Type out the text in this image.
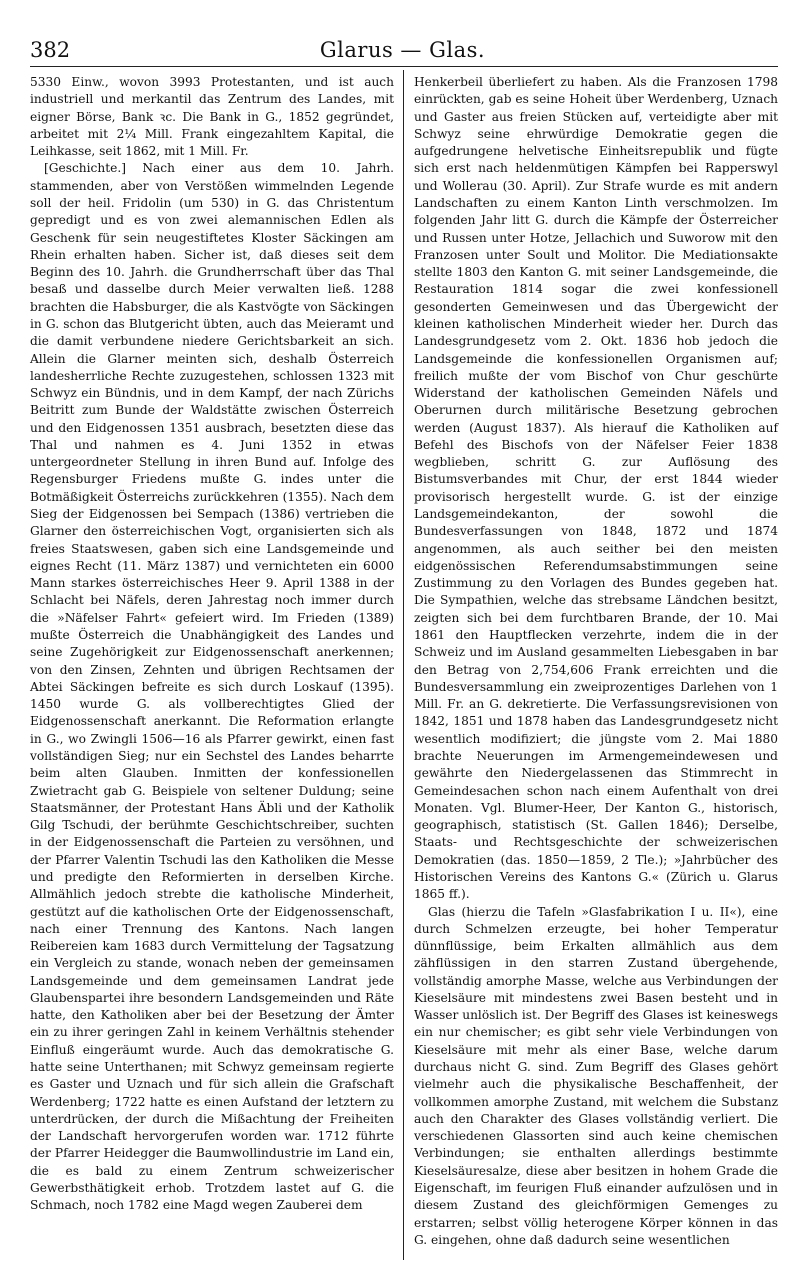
382	Glarus — Glas.

5330 Einw., wovon 3993 Protestanten, und ist auch industriell und merkantil das Zentrum des Landes, mit eigner Börse, Bank ꝛc. Die Bank in G., 1852 gegründet, arbeitet mit 2¼ Mill. Frank eingezahltem Kapital, die Leihkasse, seit 1862, mit 1 Mill. Fr.

[Geschichte.] Nach einer aus dem 10. Jahrh. stammenden, aber von Verstößen wimmelnden Legende soll der heil. Fridolin (um 530) in G. das Christentum gepredigt und es von zwei alemannischen Edlen als Geschenk für sein neugestiftetes Kloster Säckingen am Rhein erhalten haben. Sicher ist, daß dieses seit dem Beginn des 10. Jahrh. die Grundherrschaft über das Thal besaß und dasselbe durch Meier verwalten ließ. 1288 brachten die Habsburger, die als Kastvögte von Säckingen in G. schon das Blutgericht übten, auch das Meieramt und die damit verbundene niedere Gerichtsbarkeit an sich. Allein die Glarner meinten sich, deshalb Österreich landesherrliche Rechte zuzugestehen, schlossen 1323 mit Schwyz ein Bündnis, und in dem Kampf, der nach Zürichs Beitritt zum Bunde der Waldstätte zwischen Österreich und den Eidgenossen 1351 ausbrach, besetzten diese das Thal und nahmen es 4. Juni 1352 in etwas untergeordneter Stellung in ihren Bund auf. Infolge des Regensburger Friedens mußte G. indes unter die Botmäßigkeit Österreichs zurückkehren (1355). Nach dem Sieg der Eidgenossen bei Sempach (1386) vertrieben die Glarner den österreichischen Vogt, organisierten sich als freies Staatswesen, gaben sich eine Landsgemeinde und eignes Recht (11. März 1387) und vernichteten ein 6000 Mann starkes österreichisches Heer 9. April 1388 in der Schlacht bei Näfels, deren Jahrestag noch immer durch die »Näfelser Fahrt« gefeiert wird. Im Frieden (1389) mußte Österreich die Unabhängigkeit des Landes und seine Zugehörigkeit zur Eidgenossenschaft anerkennen; von den Zinsen, Zehnten und übrigen Rechtsamen der Abtei Säckingen befreite es sich durch Loskauf (1395). 1450 wurde G. als vollberechtigtes Glied der Eidgenossenschaft anerkannt. Die Reformation erlangte in G., wo Zwingli 1506—16 als Pfarrer gewirkt, einen fast vollständigen Sieg; nur ein Sechstel des Landes beharrte beim alten Glauben. Inmitten der konfessionellen Zwietracht gab G. Beispiele von seltener Duldung; seine Staatsmänner, der Protestant Hans Äbli und der Katholik Gilg Tschudi, der berühmte Geschichtschreiber, suchten in der Eidgenossenschaft die Parteien zu versöhnen, und der Pfarrer Valentin Tschudi las den Katholiken die Messe und predigte den Reformierten in derselben Kirche. Allmählich jedoch strebte die katholische Minderheit, gestützt auf die katholischen Orte der Eidgenossenschaft, nach einer Trennung des Kantons. Nach langen Reibereien kam 1683 durch Vermittelung der Tagsatzung ein Vergleich zu stande, wonach neben der gemeinsamen Landsgemeinde und dem gemeinsamen Landrat jede Glaubenspartei ihre besondern Landsgemeinden und Räte hatte, den Katholiken aber bei der Besetzung der Ämter ein zu ihrer geringen Zahl in keinem Verhältnis stehender Einfluß eingeräumt wurde. Auch das demokratische G. hatte seine Unterthanen; mit Schwyz gemeinsam regierte es Gaster und Uznach und für sich allein die Grafschaft Werdenberg; 1722 hatte es einen Aufstand der letztern zu unterdrücken, der durch die Mißachtung der Freiheiten der Landschaft hervorgerufen worden war. 1712 führte der Pfarrer Heidegger die Baumwollindustrie im Land ein, die es bald zu einem Zentrum schweizerischer Gewerbsthätigkeit erhob. Trotzdem lastet auf G. die Schmach, noch 1782 eine Magd wegen Zauberei dem

Henkerbeil überliefert zu haben. Als die Franzosen 1798 einrückten, gab es seine Hoheit über Werdenberg, Uznach und Gaster aus freien Stücken auf, verteidigte aber mit Schwyz seine ehrwürdige Demokratie gegen die aufgedrungene helvetische Einheitsrepublik und fügte sich erst nach heldenmütigen Kämpfen bei Rapperswyl und Wollerau (30. April). Zur Strafe wurde es mit andern Landschaften zu einem Kanton Linth verschmolzen. Im folgenden Jahr litt G. durch die Kämpfe der Österreicher und Russen unter Hotze, Jellachich und Suworow mit den Franzosen unter Soult und Molitor. Die Mediationsakte stellte 1803 den Kanton G. mit seiner Landsgemeinde, die Restauration 1814 sogar die zwei konfessionell gesonderten Gemeinwesen und das Übergewicht der kleinen katholischen Minderheit wieder her. Durch das Landesgrundgesetz vom 2. Okt. 1836 hob jedoch die Landsgemeinde die konfessionellen Organismen auf; freilich mußte der vom Bischof von Chur geschürte Widerstand der katholischen Gemeinden Näfels und Oberurnen durch militärische Besetzung gebrochen werden (August 1837). Als hierauf die Katholiken auf Befehl des Bischofs von der Näfelser Feier 1838 wegblieben, schritt G. zur Auflösung des Bistumsverbandes mit Chur, der erst 1844 wieder provisorisch hergestellt wurde. G. ist der einzige Landsgemeindekanton, der sowohl die Bundesverfassungen von 1848, 1872 und 1874 angenommen, als auch seither bei den meisten eidgenössischen Referendumsabstimmungen seine Zustimmung zu den Vorlagen des Bundes gegeben hat. Die Sympathien, welche das strebsame Ländchen besitzt, zeigten sich bei dem furchtbaren Brande, der 10. Mai 1861 den Hauptflecken verzehrte, indem die in der Schweiz und im Ausland gesammelten Liebesgaben in bar den Betrag von 2,754,606 Frank erreichten und die Bundesversammlung ein zweiprozentiges Darlehen von 1 Mill. Fr. an G. dekretierte. Die Verfassungsrevisionen von 1842, 1851 und 1878 haben das Landesgrundgesetz nicht wesentlich modifiziert; die jüngste vom 2. Mai 1880 brachte Neuerungen im Armengemeindewesen und gewährte den Niedergelassenen das Stimmrecht in Gemeindesachen schon nach einem Aufenthalt von drei Monaten. Vgl. Blumer-Heer, Der Kanton G., historisch, geographisch, statistisch (St. Gallen 1846); Derselbe, Staats- und Rechtsgeschichte der schweizerischen Demokratien (das. 1850—1859, 2 Tle.); »Jahrbücher des Historischen Vereins des Kantons G.« (Zürich u. Glarus 1865 ff.).

Glas (hierzu die Tafeln »Glasfabrikation I u. II«), eine durch Schmelzen erzeugte, bei hoher Temperatur dünnflüssige, beim Erkalten allmählich aus dem zähflüssigen in den starren Zustand übergehende, vollständig amorphe Masse, welche aus Verbindungen der Kieselsäure mit mindestens zwei Basen besteht und in Wasser unlöslich ist. Der Begriff des Glases ist keineswegs ein nur chemischer; es gibt sehr viele Verbindungen von Kieselsäure mit mehr als einer Base, welche darum durchaus nicht G. sind. Zum Begriff des Glases gehört vielmehr auch die physikalische Beschaffenheit, der vollkommen amorphe Zustand, mit welchem die Substanz auch den Charakter des Glases vollständig verliert. Die verschiedenen Glassorten sind auch keine chemischen Verbindungen; sie enthalten allerdings bestimmte Kieselsäuresalze, diese aber besitzen in hohem Grade die Eigenschaft, im feurigen Fluß einander aufzulösen und in diesem Zustand des gleichförmigen Gemenges zu erstarren; selbst völlig heterogene Körper können in das G. eingehen, ohne daß dadurch seine wesentlichen
